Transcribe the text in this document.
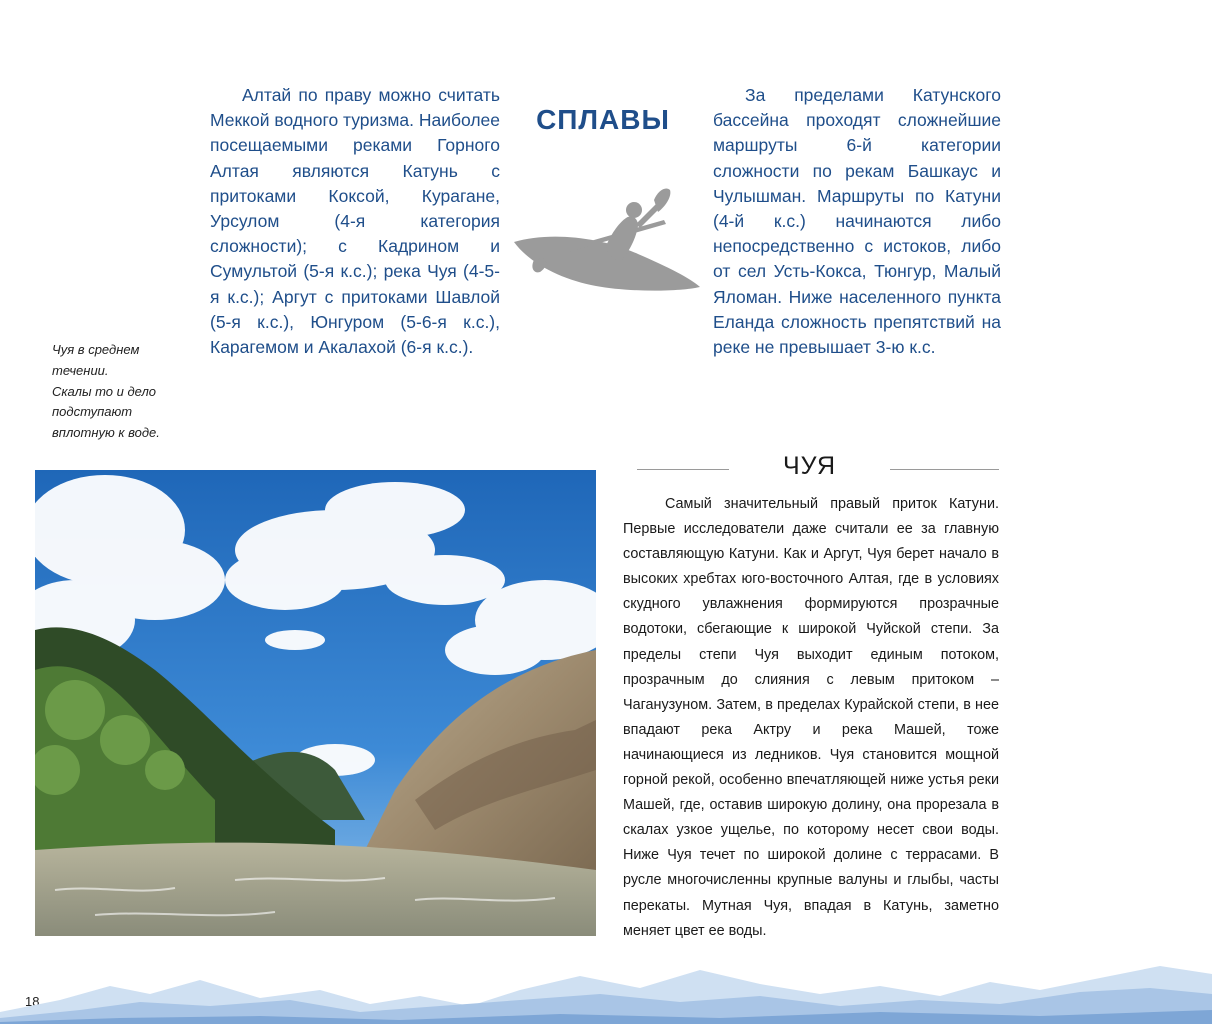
Алтай по праву можно считать Меккой водного туризма. Наиболее посещаемыми реками Горного Алтая являются Катунь с притоками Коксой, Курагане, Урсулом (4-я категория сложности); с Кадрином и Сумультой (5-я к.с.); река Чуя (4-5-я к.с.); Аргут с притоками Шавлой (5-я к.с.), Юнгуром (5-6-я к.с.), Карагемом и Акалахой (6-я к.с.).

СПЛАВЫ

За пределами Катунского бассейна проходят сложнейшие маршруты 6-й категории сложности по рекам Башкаус и Чулышман. Маршруты по Катуни (4-й к.с.) начинаются либо непосредственно с истоков, либо от сел Усть-Кокса, Тюнгур, Малый Яломан. Ниже населенного пункта Еланда сложность препятствий на реке не превышает 3-ю к.с.

Чуя в среднем
течении.
Скалы то и дело
подступают
вплотную к воде.
ЧУЯ

Самый значительный правый приток Катуни. Первые исследователи даже считали ее за главную составляющую Катуни. Как и Аргут, Чуя берет начало в высоких хребтах юго-восточного Алтая, где в условиях скудного увлажнения формируются прозрачные водотоки, сбегающие к широкой Чуйской степи. За пределы степи Чуя выходит единым потоком, прозрачным до слияния с левым притоком – Чаганузуном. Затем, в пределах Курайской степи, в нее впадают река Актру и река Машей, тоже начинающиеся из ледников. Чуя становится мощной горной рекой, особенно впечатляющей ниже устья реки Машей, где, оставив широкую долину, она прорезала в скалах узкое ущелье, по которому несет свои воды. Ниже Чуя течет по широкой долине с террасами. В русле многочисленны крупные валуны и глыбы, часты перекаты. Мутная Чуя, впадая в Катунь, заметно меняет цвет ее воды.

18
